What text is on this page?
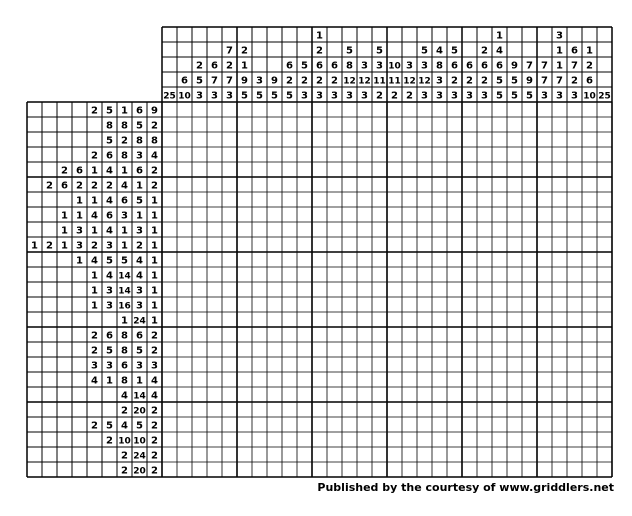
25
6
10
2
5
3
6
7
3
7
2
7
3
2
1
9
5
3
5
9
5
6
2
5
5
2
3
1
2
6
2
3
6
2
3
5
8
12
3
3
12
3
5
3
11
2
10
11
2
3
12
2
5
3
12
3
4
8
3
3
5
6
2
3
6
2
3
2
6
2
3
1
4
6
5
5
9
5
5
7
9
5
7
7
3
3
1
1
7
3
6
7
2
3
1
2
6
10 25
2 5 1 6 9
8 8 5 2
5 2 8 8
2 6 8 3 4
2 6 1 4 1 6 2
2 6 2 2 2 4 1 2
1 1 4 6 5 1
1 1 4 6 3 1 1
1 3 1 4 1 3 1
1 2 1 3 2 3 1 2 1
1 4 5 5 4 1
1 4 14 4 1
1 3 14 3 1
1 3 16 3 1
1 24 1
2 6 8 6 2
2 5 8 5 2
3 3 6 3 3
4 1 8 1 4
4 14 4
2 20 2
2 5 4 5 2
2 10 10 2
2 24 2
2 20 2
Published by the courtesy of www.griddlers.net
